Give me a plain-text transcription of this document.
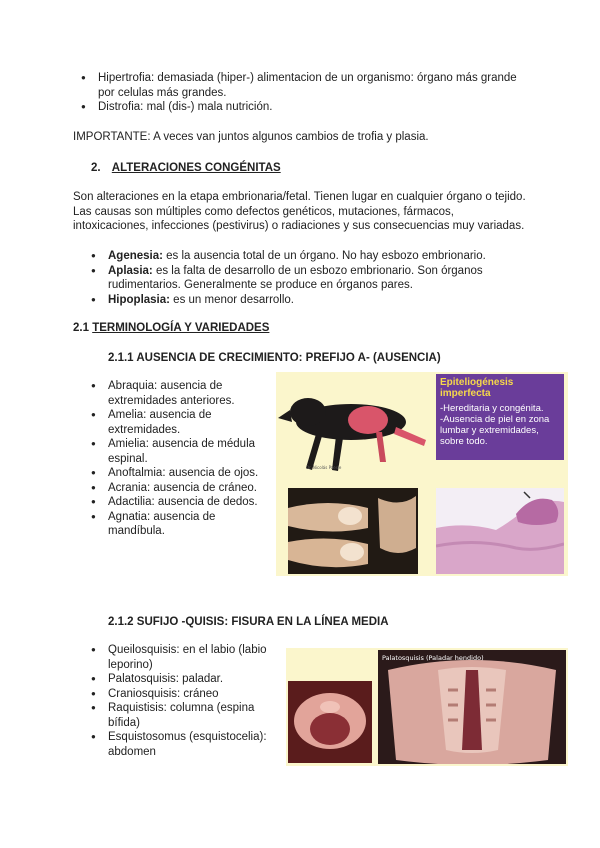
● Hipertrofia: demasiada (hiper-) alimentacion de un organismo: órgano más grande por celulas más grandes.
● Distrofia: mal (dis-) mala nutrición.
IMPORTANTE: A veces van juntos algunos cambios de trofia y plasia.
2. ALTERACIONES CONGÉNITAS
Son alteraciones en la etapa embrionaria/fetal. Tienen lugar en cualquier órgano o tejido. Las causas son múltiples como defectos genéticos, mutaciones, fármacos, intoxicaciones, infecciones (pestivirus) o radiaciones y sus consecuencias muy variadas.
● Agenesia: es la ausencia total de un órgano. No hay esbozo embrionario.
● Aplasia: es la falta de desarrollo de un esbozo embrionario. Son órganos rudimentarios. Generalmente se produce en órganos pares.
● Hipoplasia: es un menor desarrollo.
2.1 TERMINOLOGÍA Y VARIEDADES
2.1.1 AUSENCIA DE CRECIMIENTO: PREFIJO A- (AUSENCIA)
● Abraquia: ausencia de extremidades anteriores.
● Amelia: ausencia de extremidades.
● Amielia: ausencia de médula espinal.
● Anoftalmia: ausencia de ojos.
● Acrania: ausencia de cráneo.
● Adactilia: ausencia de dedos.
● Agnatia: ausencia de mandíbula.
Dr. Nicolás Paesle
Epiteliogénesis imperfecta
-Hereditaria y congénita.
-Ausencia de piel en zona lumbar y extremidades, sobre todo.
2.1.2 SUFIJO -QUISIS: FISURA EN LA LÍNEA MEDIA
● Queilosquisis: en el labio (labio leporino)
● Palatosquisis: paladar.
● Craniosquisis: cráneo
● Raquistisis: columna (espina bífida)
● Esquistosomus (esquistocelia): abdomen
Palatosquisis (Paladar hendido)
